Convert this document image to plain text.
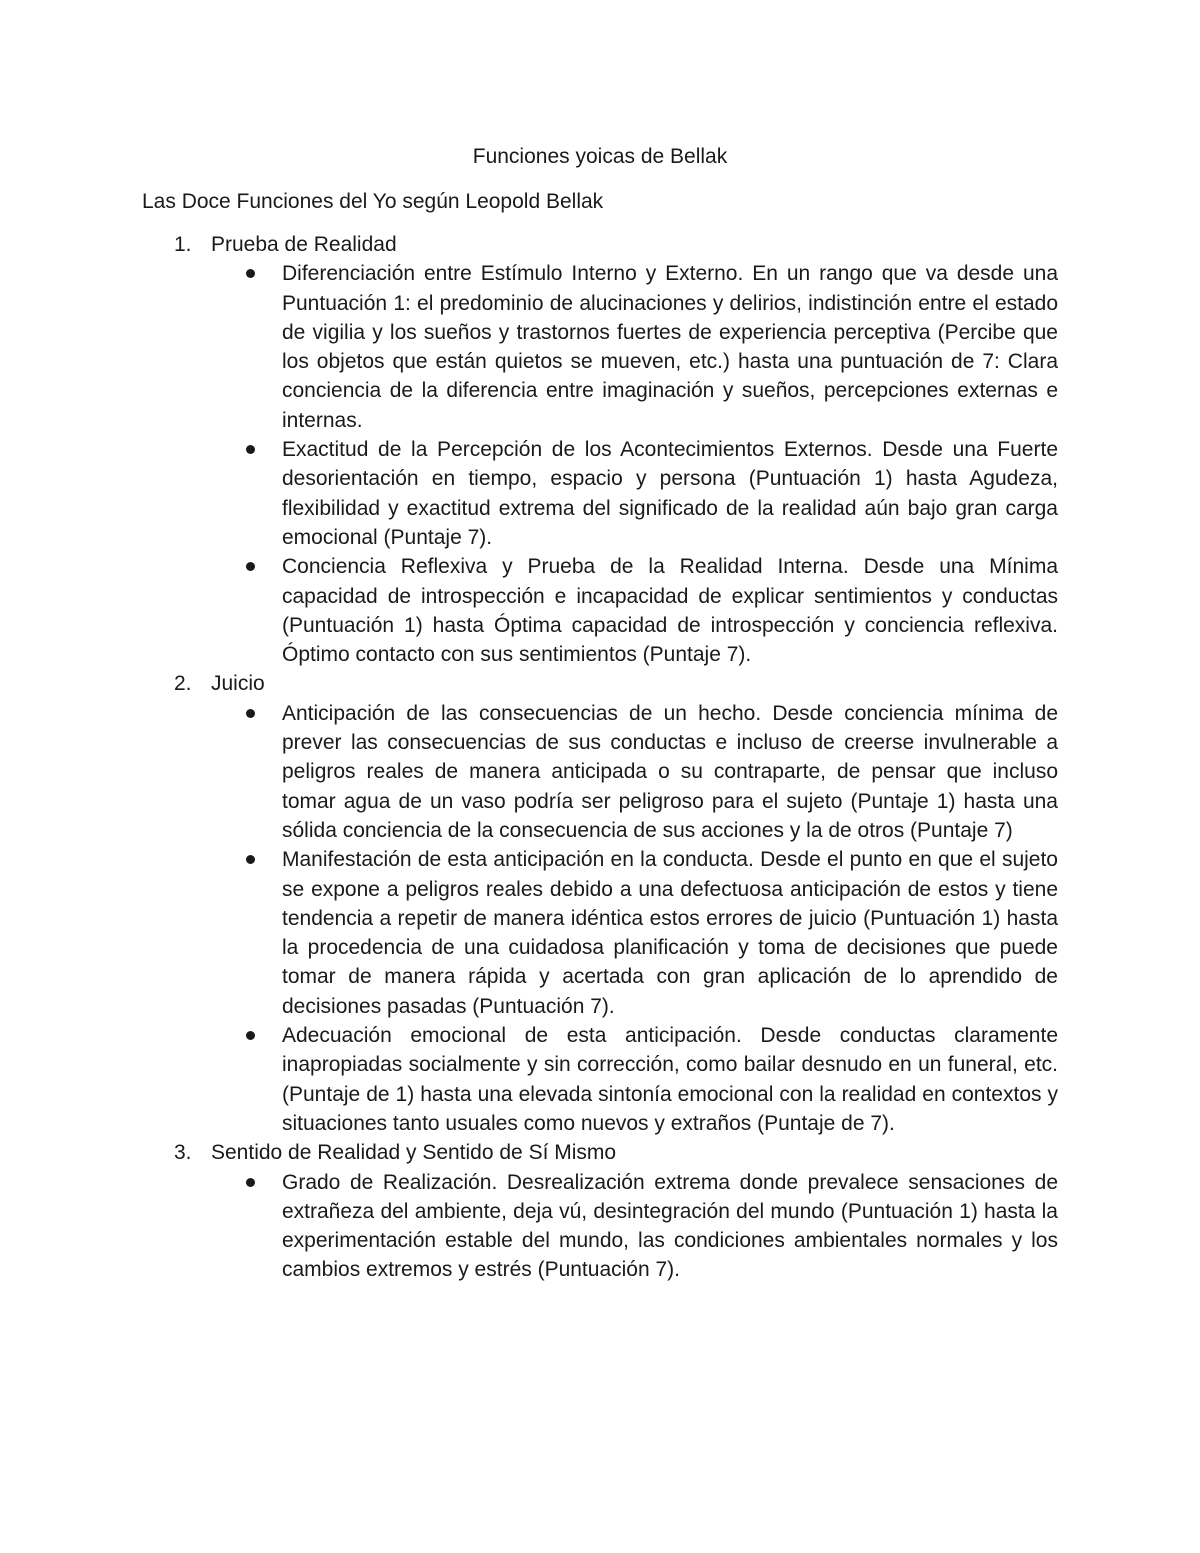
Funciones yoicas de Bellak
Las Doce Funciones del Yo según Leopold Bellak
1. Prueba de Realidad
Diferenciación entre Estímulo Interno y Externo. En un rango que va desde una Puntuación 1: el predominio de alucinaciones y delirios, indistinción entre el estado de vigilia y los sueños y trastornos fuertes de experiencia perceptiva (Percibe que los objetos que están quietos se mueven, etc.) hasta una puntuación de 7: Clara conciencia de la diferencia entre imaginación y sueños, percepciones externas e internas.
Exactitud de la Percepción de los Acontecimientos Externos. Desde una Fuerte desorientación en tiempo, espacio y persona (Puntuación 1) hasta Agudeza, flexibilidad y exactitud extrema del significado de la realidad aún bajo gran carga emocional (Puntaje 7).
Conciencia Reflexiva y Prueba de la Realidad Interna. Desde una Mínima capacidad de introspección e incapacidad de explicar sentimientos y conductas (Puntuación 1) hasta Óptima capacidad de introspección y conciencia reflexiva. Óptimo contacto con sus sentimientos (Puntaje 7).
2. Juicio
Anticipación de las consecuencias de un hecho. Desde conciencia mínima de prever las consecuencias de sus conductas e incluso de creerse invulnerable a peligros reales de manera anticipada o su contraparte, de pensar que incluso tomar agua de un vaso podría ser peligroso para el sujeto (Puntaje 1) hasta una sólida conciencia de la consecuencia de sus acciones y la de otros (Puntaje 7)
Manifestación de esta anticipación en la conducta. Desde el punto en que el sujeto se expone a peligros reales debido a una defectuosa anticipación de estos y tiene tendencia a repetir de manera idéntica estos errores de juicio (Puntuación 1) hasta la procedencia de una cuidadosa planificación y toma de decisiones que puede tomar de manera rápida y acertada con gran aplicación de lo aprendido de decisiones pasadas (Puntuación 7).
Adecuación emocional de esta anticipación. Desde conductas claramente inapropiadas socialmente y sin corrección, como bailar desnudo en un funeral, etc. (Puntaje de 1) hasta una elevada sintonía emocional con la realidad en contextos y situaciones tanto usuales como nuevos y extraños (Puntaje de 7).
3. Sentido de Realidad y Sentido de Sí Mismo
Grado de Realización. Desrealización extrema donde prevalece sensaciones de extrañeza del ambiente, deja vú, desintegración del mundo (Puntuación 1) hasta la experimentación estable del mundo, las condiciones ambientales normales y los cambios extremos y estrés (Puntuación 7).
